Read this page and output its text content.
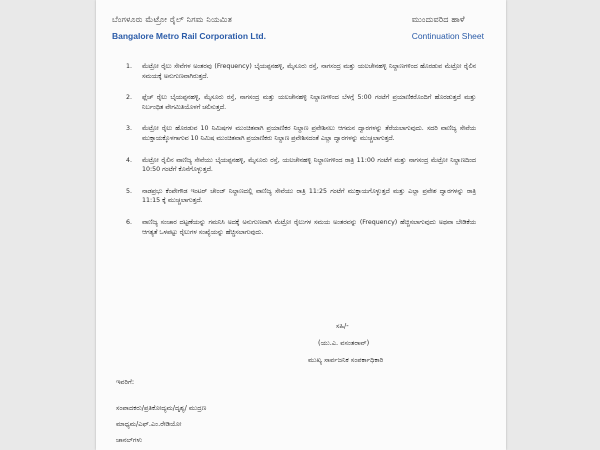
ಬೆಂಗಳೂರು ಮೆಟ್ರೋ ರೈಲ್ ನಿಗಮ ನಿಯಮಿತ
Bangalore Metro Rail Corporation Ltd.
ಮುಂದುವರಿದ ಹಾಳೆ
Continuation Sheet
1.	ಮೆಟ್ರೋ ರೈಲು ಸೇವೆಗಳ ಅಂತರವು (Frequency) ಬೈಯಪ್ಪನಹಳ್ಳಿ, ಮೈಸೂರು ರಸ್ತೆ, ನಾಗಸಂದ್ರ ಮತ್ತು ಯಲಚೇನಹಳ್ಳಿ ನಿಲ್ದಾಣಗಳಿಂದ ಹೊರಡುವ ಮೆಟ್ರೋ ರೈಲಿನ ಸಮಯಕ್ಕೆ ಅನುಗುಣವಾಗಿರುತ್ತದೆ.
2.	ಫ್ಲೆಚ್ ರೈಲು ಬೈಯಪ್ಪನಹಳ್ಳಿ, ಮೈಸೂರು ರಸ್ತೆ, ನಾಗಸಂದ್ರ ಮತ್ತು ಯಲಚೇನಹಳ್ಳಿ ನಿಲ್ದಾಣಗಳಿಂದ ಬೆಳಗ್ಗೆ 5:00 ಗಂಟೆಗೆ ಪ್ರಯಾಣಿಕರೊಂದಿಗೆ ಹೊರಡುತ್ತದೆ ಮತ್ತು ನಿರ್ಬಂಧಿತ ವೇಗಮಿತಿಯೊಳಗೆ ಚಲಿಸುತ್ತದೆ.
3.	ಮೆಟ್ರೋ ರೈಲು ಹೊರಡುವ 10 ನಿಮಿಷಗಳ ಮುಂಚಿತವಾಗಿ ಪ್ರಯಾಣಿಕರ ನಿಲ್ದಾಣ ಪ್ರವೇಶಿಸಲು ಆಗಮನ ದ್ವಾರಗಳನ್ನು ತೆರೆಯಲಾಗುವುದು. ಸದರಿ ವಾಣಿಜ್ಯ ಸೇವೆಯ ಮುಕ್ತಾಯಕ್ಕೊಳಗಾಗುವ 10 ನಿಮಿಷ ಮುಂಚಿತವಾಗಿ ಪ್ರಯಾಣಿಕರು ನಿಲ್ದಾಣ ಪ್ರವೇಶಿಸದಂತೆ ಎಲ್ಲಾ ದ್ವಾರಗಳನ್ನು ಮುಚ್ಚಲಾಗುತ್ತದೆ.
4.	ಮೆಟ್ರೋ ರೈಲಿನ ವಾಣಿಜ್ಯ ಸೇವೆಯು ಬೈಯಪ್ಪನಹಳ್ಳಿ, ಮೈಸೂರು ರಸ್ತೆ, ಯಲಚೇನಹಳ್ಳಿ ನಿಲ್ದಾಣಗಳಿಂದ ರಾತ್ರಿ 11:00 ಗಂಟೆಗೆ ಮತ್ತು ನಾಗಸಂದ್ರ ಮೆಟ್ರೋ ನಿಲ್ದಾಣದಿಂದ 10:50 ಗಂಟೆಗೆ ಕೊನೆಗೊಳ್ಳುತ್ತದೆ.
5.	ನಾಡಪ್ರಭು ಕೆಂಪೇಗೌಡ ಇಂಟರ್ ಚೇಂಜ್ ನಿಲ್ದಾಣದಲ್ಲಿ ವಾಣಿಜ್ಯ ಸೇವೆಯು ರಾತ್ರಿ 11:25 ಗಂಟೆಗೆ ಮುಕ್ತಾಯಗೊಳ್ಳುತ್ತದೆ ಮತ್ತು ಎಲ್ಲಾ ಪ್ರವೇಶ ದ್ವಾರಗಳನ್ನು ರಾತ್ರಿ 11:15 ಕ್ಕೆ ಮುಚ್ಚಲಾಗುತ್ತದೆ.
6.	ವಾಣಿಜ್ಯ ಸಂಚಾರ ದಟ್ಟಣೆಯನ್ನು ಗಮನಿಸಿ ಅದಕ್ಕೆ ಅನುಗುಣವಾಗಿ ಮೆಟ್ರೋ ರೈಲುಗಳ ಸಮಯ ಅಂತರವನ್ನು (Frequency) ಹೆಚ್ಚಿಸಲಾಗುವುದು ಅಥವಾ ಬೇಡಿಕೆಯ ಆಗತ್ಯತೆ ಒಳಪಟ್ಟು ರೈಲುಗಳ ಸಂಖ್ಯೆಯನ್ನು ಹೆಚ್ಚಿಸಲಾಗುವುದು.
ಸಹಿ/-
(ಯು.ಎ. ವಸಂತರಾವ್)
ಮುಖ್ಯ ಸಾರ್ವಜನಿಕ ಸಂಪರ್ಕಾಧಿಕಾರಿ
ಇವರಿಗೆ:
ಸಂಪಾದಕರು/ಪ್ರತಿಕೋದ್ಯಮ/ದೃಶ್ಯ/ ಮುದ್ರಣ
ಮಾಧ್ಯಮ/ಎಫ್.ಎಂ.ರೇಡಿಯೋ
ಚಾನಲ್‌ಗಳು
